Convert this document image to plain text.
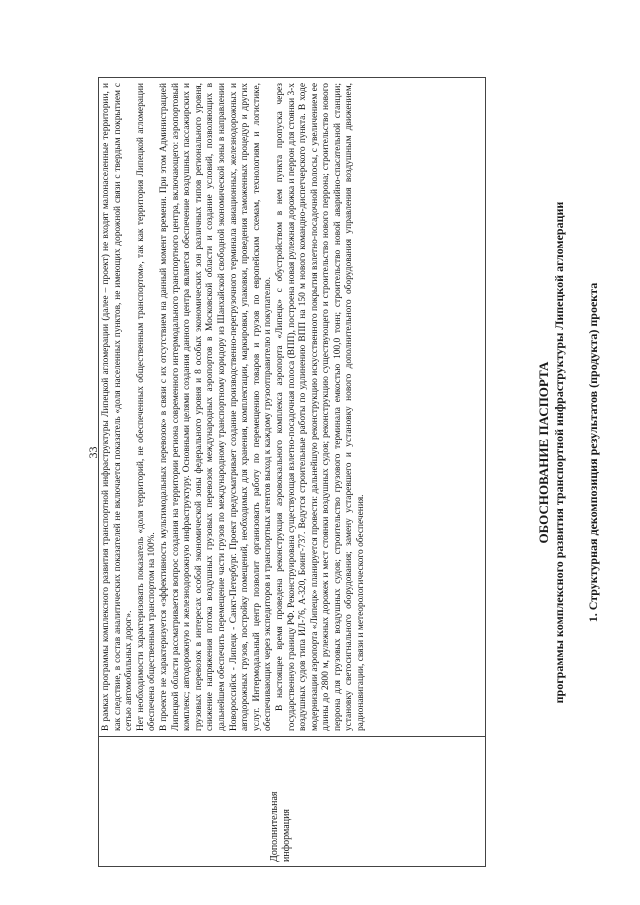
33
Дополнительная информация

В рамках программы комплексного развития транспортной инфраструктуры Липецкой агломерации (далее – проект) не входят малонаселенные территории, и как следствие, в состав аналитических показателей не включается показатель «доля населенных пунктов, не имеющих дорожной связи с твердым покрытием с сетью автомобильных дорог». Нет необходимости характеризовать показатель «доля территорий, не обеспеченных общественным транспортом», так как территория Липецкой агломерации обеспечена общественным транспортом на 100%. В проекте не характеризуется «эффективность мультимодальных перевозок» в связи с их отсутствием на данный момент времени. При этом Администрацией Липецкой области рассматривается вопрос создания на территории региона современного интермодального транспортного центра, включающего: аэропортовый комплекс; автодорожную и железнодорожную инфраструктуру. Основными целями создания данного центра является обеспечение воздушных пассажирских и грузовых перевозок в интересах особой экономической зоны федерального уровня и 8 особых экономических зон различных типов регионального уровня, снижение напряжения потока воздушных грузовых перевозок международных аэропортов в Московской области и создание условий, позволяющих в дальнейшем обеспечить перемещение части грузов по международному транспортному коридору из Шанхайской свободной экономической зоны в направлении Новороссийск - Липецк - Санкт-Петербург. Проект предусматривает создание производственно-перегрузочного терминала авиационных, железнодорожных и автодорожных грузов, постройку помещений, необходимых для хранения, комплектации, маркировки, упаковки, проведения таможенных процедур и других услуг. Интермодальный центр позволит организовать работу по перемещению товаров и грузов по европейским схемам, технологиям и логистике, обеспечивающих через экспедиторов и транспортных агентов выход к каждому грузоотправителю и покупателю. В настоящее время проведена реконструкция аэровокзального комплекса аэропорта «Липецк» с обустройством в нем пункта пропуска через государственную границу РФ. Реконструирована существующая взлетно-посадочная полоса (ВПП), построена новая рулежная дорожка и перрон для стоянки 3-х воздушных судов типа ИЛ-76, А-320, Боинг-737. Ведутся строительные работы по удлинению ВПП на 150 м нового командно-диспетчерского пункта. В ходе модернизации аэропорта «Липецк» планируется провести: дальнейшую реконструкцию искусственного покрытия взлетно-посадочной полосы, с увеличением ее длины до 2800 м, рулежных дорожек и мест стоянки воздушных судов; реконструкцию существующего и строительство нового перрона; строительство нового перрона для грузовых воздушных судов; строительство грузового терминала емкостью 100,0 тонн; строительство новой аварийно-спасательной станции; установку светосигнального оборудования; замену устаревшего и установку нового дополнительного оборудования управления воздушным движением, радионавигации, связи и метеорологического обеспечения.

ОБОСНОВАНИЕ ПАСПОРТА программы комплексного развития транспортной инфраструктуры Липецкой агломерации 1. Структурная декомпозиция результатов (продукта) проекта
